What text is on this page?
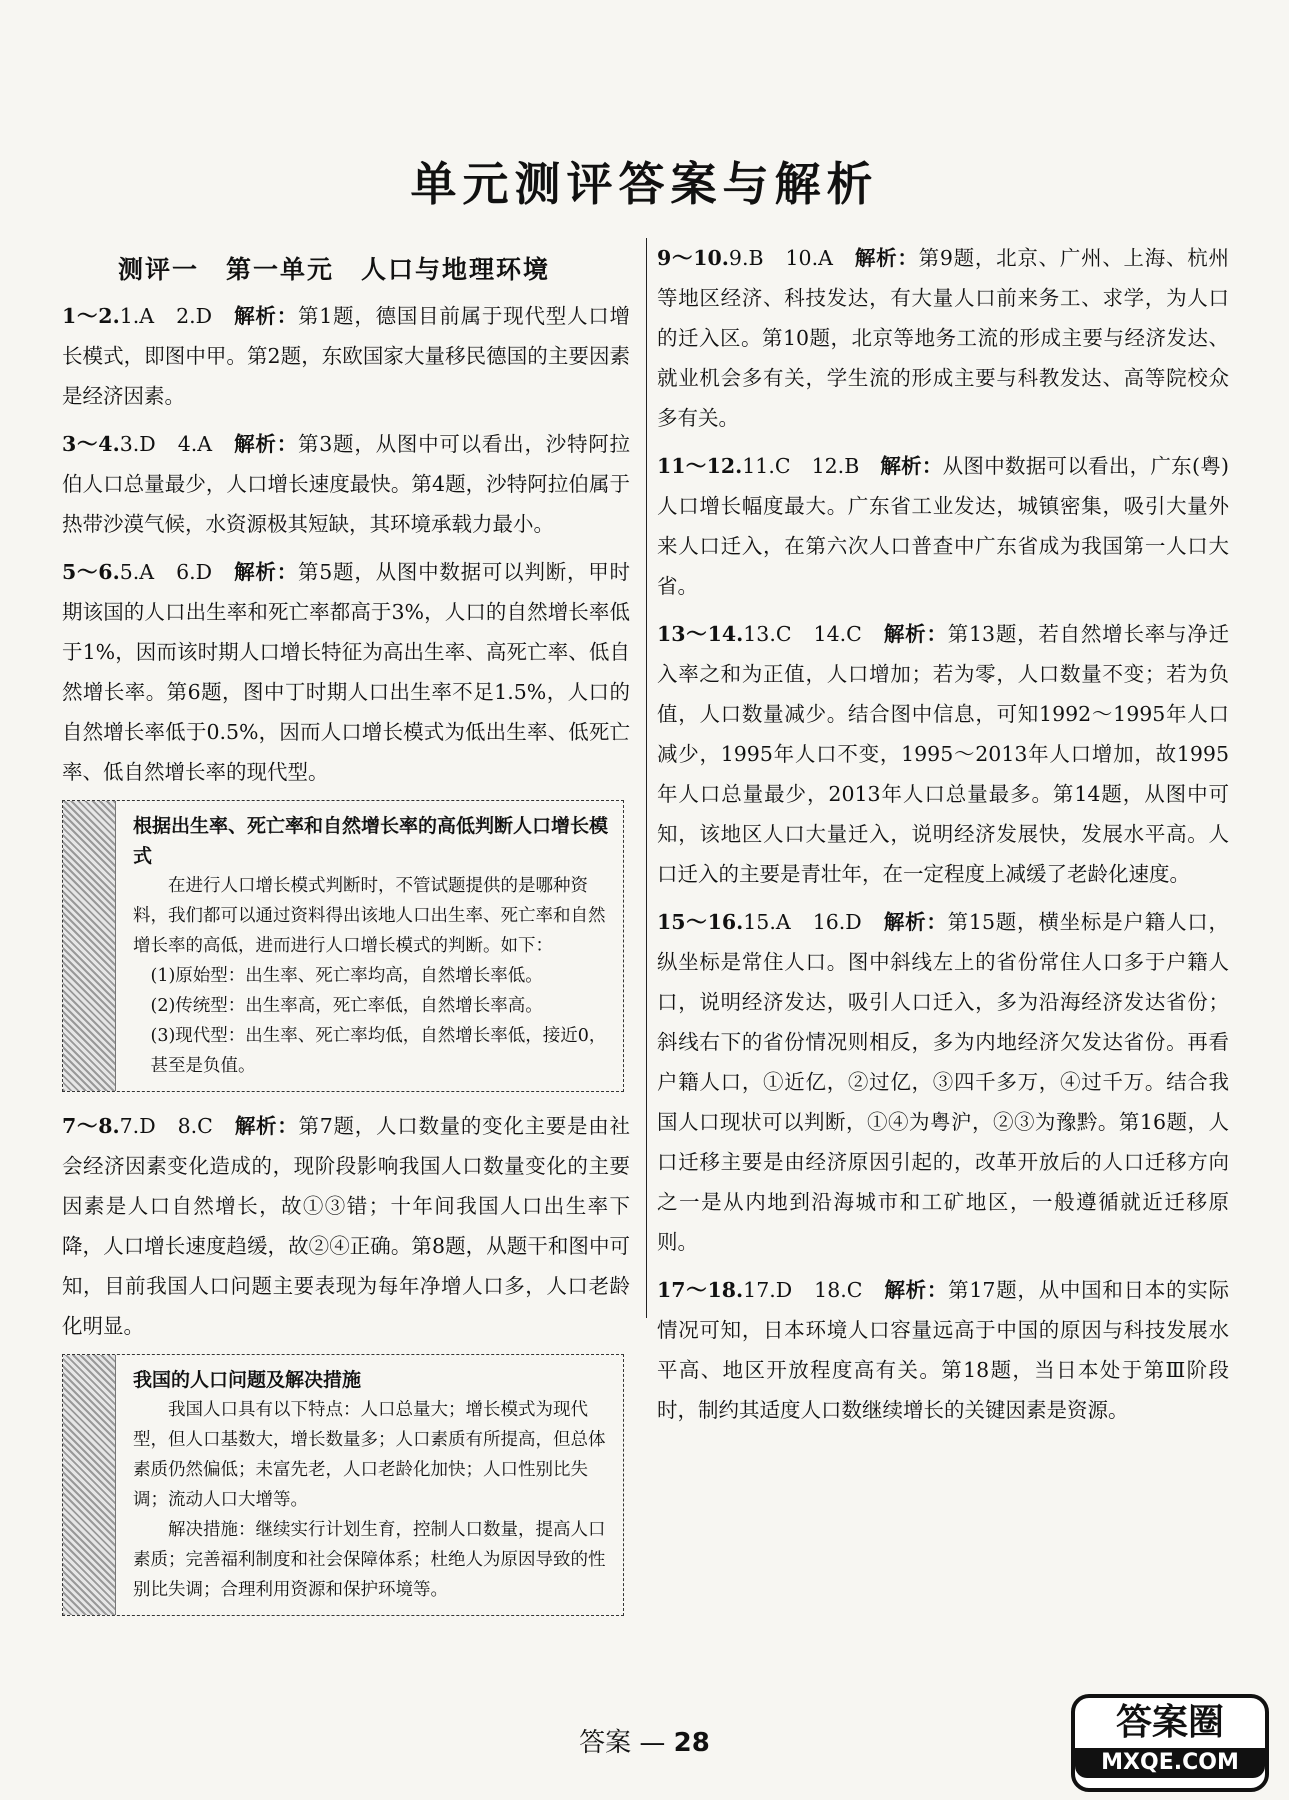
单元测评答案与解析
测评一　第一单元　人口与地理环境
1～2.1.A　2.D　 解析：第1题，德国目前属于现代型人口增长模式，即图中甲。第2题，东欧国家大量移民德国的主要因素是经济因素。
3～4.3.D　4.A　 解析：第3题，从图中可以看出，沙特阿拉伯人口总量最少，人口增长速度最快。第4题，沙特阿拉伯属于热带沙漠气候，水资源极其短缺，其环境承载力最小。
5～6.5.A　6.D　 解析：第5题，从图中数据可以判断，甲时期该国的人口出生率和死亡率都高于3%，人口的自然增长率低于1%，因而该时期人口增长特征为高出生率、高死亡率、低自然增长率。第6题，图中丁时期人口出生率不足1.5%，人口的自然增长率低于0.5%，因而人口增长模式为低出生率、低死亡率、低自然增长率的现代型。
根据出生率、死亡率和自然增长率的高低判断人口增长模式
在进行人口增长模式判断时，不管试题提供的是哪种资料，我们都可以通过资料得出该地人口出生率、死亡率和自然增长率的高低，进而进行人口增长模式的判断。如下：
(1)原始型：出生率、死亡率均高，自然增长率低。
(2)传统型：出生率高，死亡率低，自然增长率高。
(3)现代型：出生率、死亡率均低，自然增长率低，接近0，甚至是负值。
7～8.7.D　8.C　 解析：第7题，人口数量的变化主要是由社会经济因素变化造成的，现阶段影响我国人口数量变化的主要因素是人口自然增长，故①③错；十年间我国人口出生率下降，人口增长速度趋缓，故②④正确。第8题，从题干和图中可知，目前我国人口问题主要表现为每年净增人口多，人口老龄化明显。
我国的人口问题及解决措施
我国人口具有以下特点：人口总量大；增长模式为现代型，但人口基数大，增长数量多；人口素质有所提高，但总体素质仍然偏低；未富先老，人口老龄化加快；人口性别比失调；流动人口大增等。
解决措施：继续实行计划生育，控制人口数量，提高人口素质；完善福利制度和社会保障体系；杜绝人为原因导致的性别比失调；合理利用资源和保护环境等。
9～10.9.B　10.A　 解析：第9题，北京、广州、上海、杭州等地区经济、科技发达，有大量人口前来务工、求学，为人口的迁入区。第10题，北京等地务工流的形成主要与经济发达、就业机会多有关，学生流的形成主要与科教发达、高等院校众多有关。
11～12.11.C　12.B　 解析：从图中数据可以看出，广东(粤)人口增长幅度最大。广东省工业发达，城镇密集，吸引大量外来人口迁入，在第六次人口普查中广东省成为我国第一人口大省。
13～14.13.C　14.C　 解析：第13题，若自然增长率与净迁入率之和为正值，人口增加；若为零，人口数量不变；若为负值，人口数量减少。结合图中信息，可知1992～1995年人口减少，1995年人口不变，1995～2013年人口增加，故1995年人口总量最少，2013年人口总量最多。第14题，从图中可知，该地区人口大量迁入，说明经济发展快，发展水平高。人口迁入的主要是青壮年，在一定程度上减缓了老龄化速度。
15～16.15.A　16.D　 解析：第15题，横坐标是户籍人口，纵坐标是常住人口。图中斜线左上的省份常住人口多于户籍人口，说明经济发达，吸引人口迁入，多为沿海经济发达省份；斜线右下的省份情况则相反，多为内地经济欠发达省份。再看户籍人口，①近亿，②过亿，③四千多万，④过千万。结合我国人口现状可以判断，①④为粤沪，②③为豫黔。第16题，人口迁移主要是由经济原因引起的，改革开放后的人口迁移方向之一是从内地到沿海城市和工矿地区，一般遵循就近迁移原则。
17～18.17.D　18.C　 解析：第17题，从中国和日本的实际情况可知，日本环境人口容量远高于中国的原因与科技发展水平高、地区开放程度高有关。第18题，当日本处于第Ⅲ阶段时，制约其适度人口数继续增长的关键因素是资源。
答案 — 28	答案圈
MXQE.COM
